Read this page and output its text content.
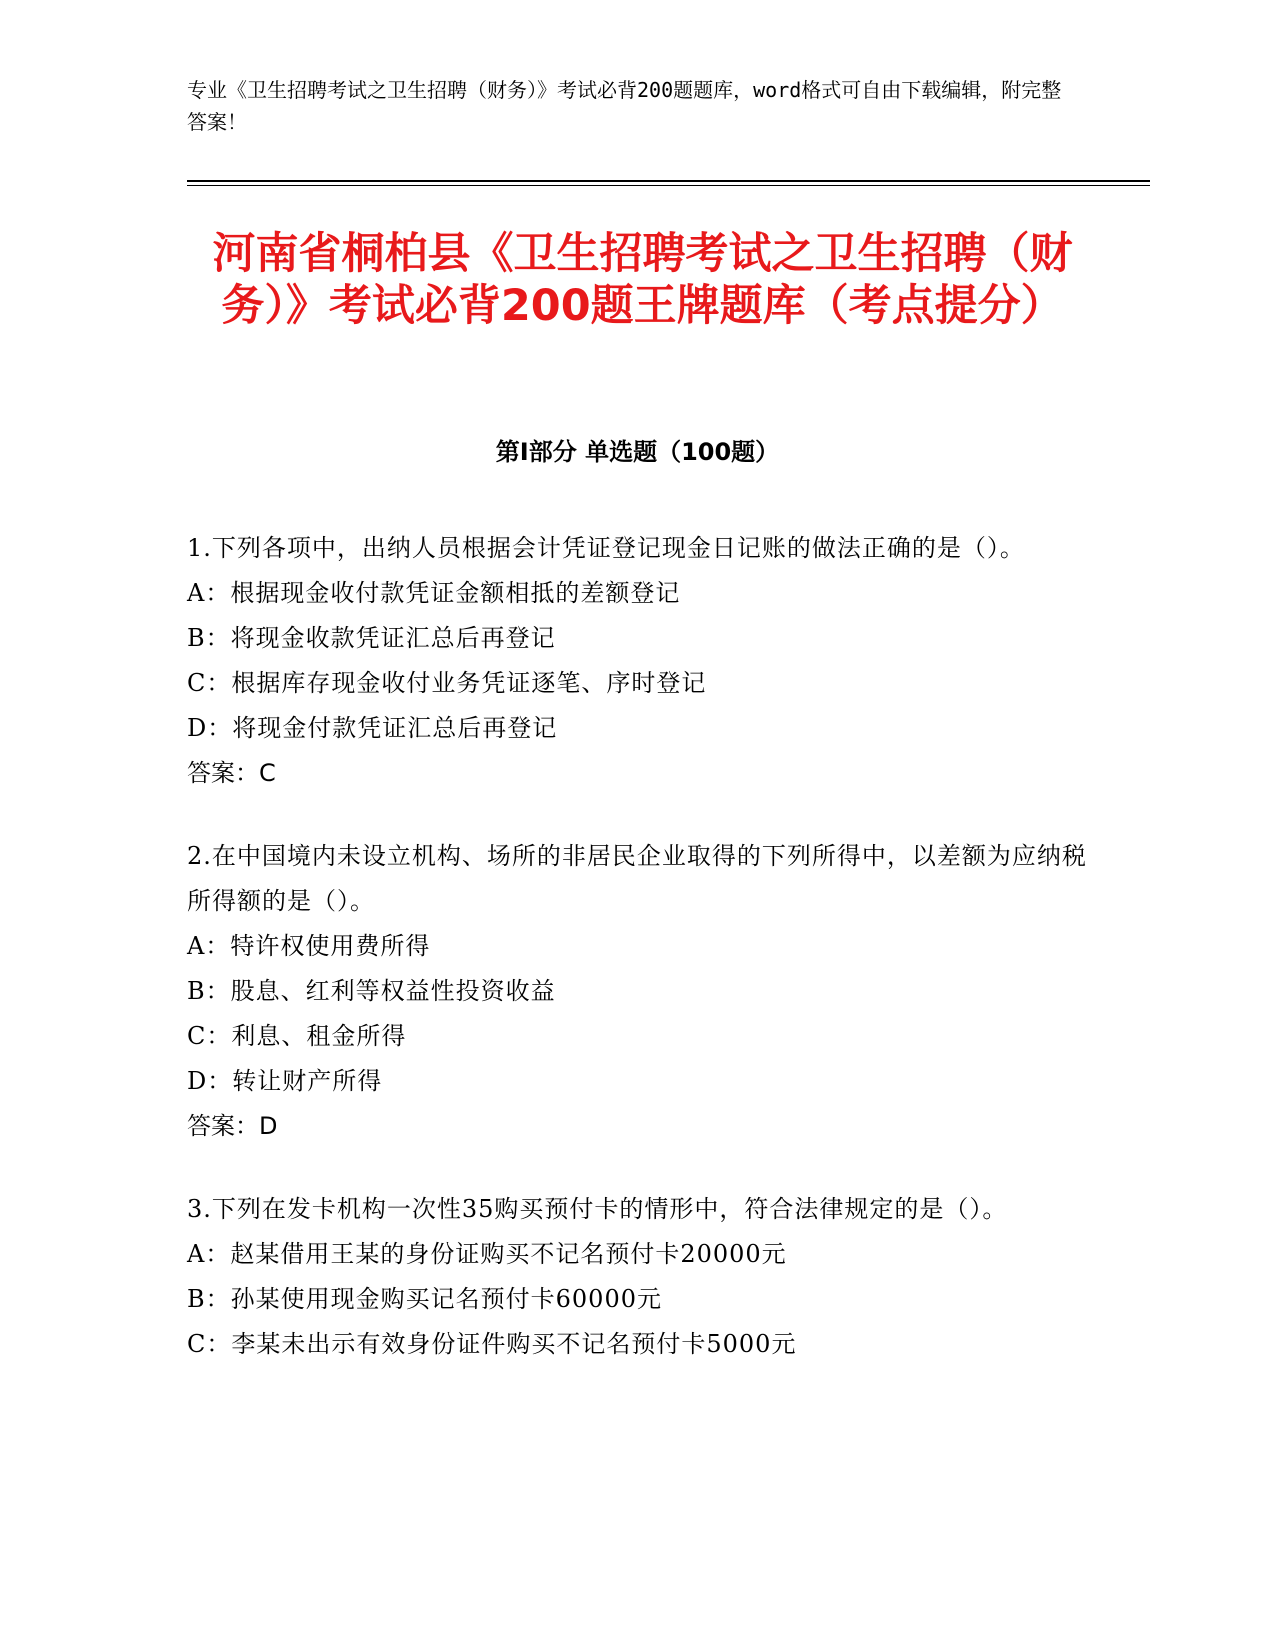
专业《卫生招聘考试之卫生招聘（财务）》考试必背200题题库，word格式可自由下载编辑，附完整答案！
河南省桐柏县《卫生招聘考试之卫生招聘（财务）》考试必背200题王牌题库（考点提分）
第Ⅰ部分 单选题（100题）
1.下列各项中，出纳人员根据会计凭证登记现金日记账的做法正确的是（）。
A：根据现金收付款凭证金额相抵的差额登记
B：将现金收款凭证汇总后再登记
C：根据库存现金收付业务凭证逐笔、序时登记
D：将现金付款凭证汇总后再登记
答案：C
2.在中国境内未设立机构、场所的非居民企业取得的下列所得中，以差额为应纳税所得额的是（）。
A：特许权使用费所得
B：股息、红利等权益性投资收益
C：利息、租金所得
D：转让财产所得
答案：D
3.下列在发卡机构一次性35购买预付卡的情形中，符合法律规定的是（）。
A：赵某借用王某的身份证购买不记名预付卡20000元
B：孙某使用现金购买记名预付卡60000元
C：李某未出示有效身份证件购买不记名预付卡5000元
